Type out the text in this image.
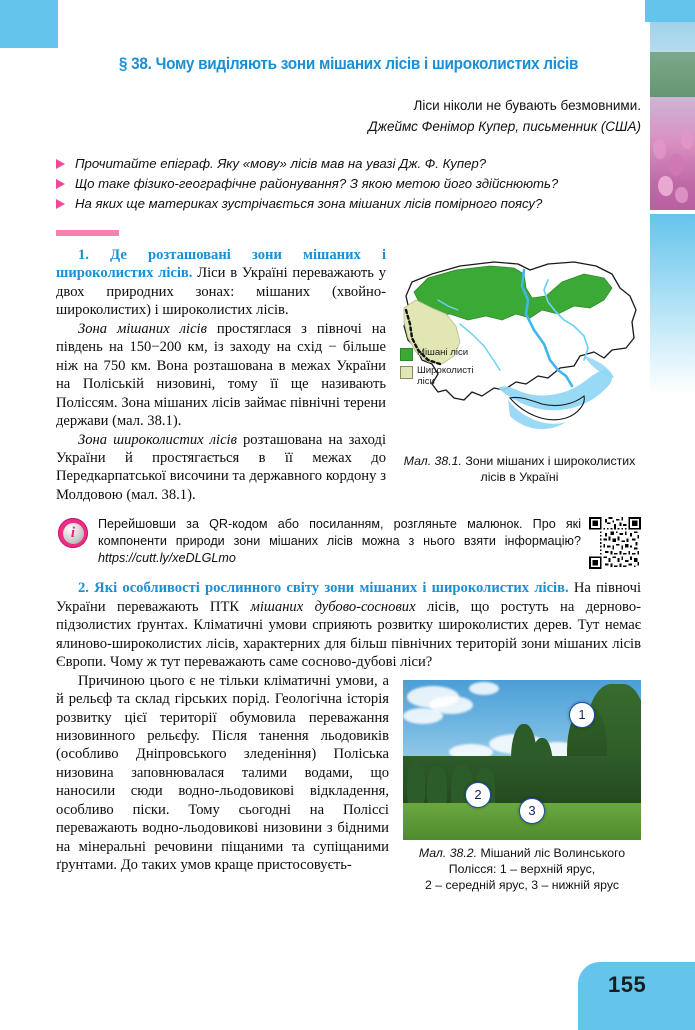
155
§ 38. Чому виділяють зони мішаних лісів і широколистих лісів
Ліси ніколи не бувають безмовними.
Джеймс Фенімор Купер, письменник (США)
Прочитайте епіграф. Яку «мову» лісів мав на увазі Дж. Ф. Купер?
Що таке фізико-географічне районування? З якою метою його здійснюють?
На яких ще материках зустрічається зона мішаних лісів помірного поясу?
Мішані ліси
Широколисті ліси
Мал. 38.1. Зони мішаних і широколистих лісів в Україні

1. Де розташовані зони мішаних і широколистих лісів. Ліси в Україні переважають у двох природних зонах: мішаних (хвойно-широколистих) і широколистих лісів.

Зона мішаних лісів простяглася з півночі на південь на 150−200 км, із заходу на схід − більше ніж на 750 км. Вона розташована в межах України на Поліській низовині, тому її ще називають Поліссям. Зона мішаних лісів займає північні терени держави (мал. 38.1).

Зона широколистих лісів розташована на заході України й простягається в її межах до Передкарпатської височини та державного кордону з Молдовою (мал. 38.1).

i
Перейшовши за QR-кодом або посиланням, розгляньте малюнок. Про які компоненти природи зони мішаних лісів можна з нього взяти інформацію? https://cutt.ly/xeDLGLmo

2. Які особливості рослинного світу зони мішаних і широколистих лісів. На півночі України переважають ПТК мішаних дубово-соснових лісів, що ростуть на дерново-підзолистих ґрунтах. Кліматичні умови сприяють розвитку широколистих дерев. Тут немає ялиново-широколистих лісів, характерних для більш північних територій зони мішаних лісів Європи. Чому ж тут переважають саме сосново-дубові ліси?

1
2
3
Мал. 38.2. Мішаний ліс Волинського
Полісся: 1 – верхній ярус,
2 – середній ярус, 3 – нижній ярус

Причиною цього є не тільки кліматичні умови, а й рельєф та склад гірських порід. Геологічна історія розвитку цієї території обумовила переважання низовинного рельєфу. Після танення льодовиків (особливо Дніпровського зледеніння) Поліська низовина заповнювалася талими водами, що наносили сюди водно-льодовикові відкладення, особливо піски. Тому сьогодні на Поліссі переважають водно-льодовикові низовини з бідними на мінеральні речовини піщаними та супіщаними ґрунтами. До таких умов краще пристосовуєть-
